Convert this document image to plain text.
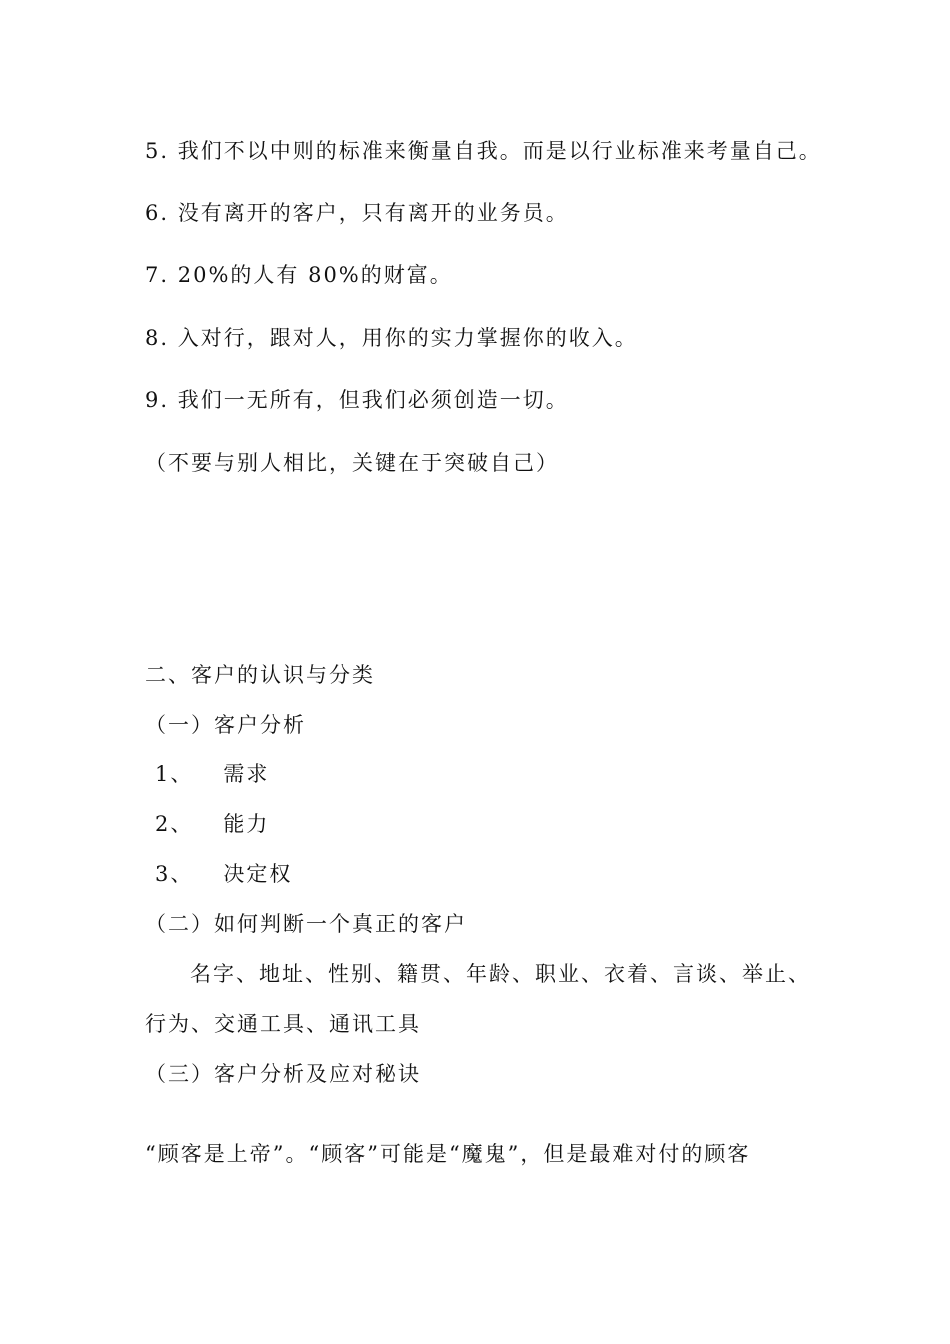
5. 我们不以中则的标准来衡量自我。而是以行业标准来考量自己。
6. 没有离开的客户，只有离开的业务员。
7. 20%的人有 80%的财富。
8. 入对行，跟对人，用你的实力掌握你的收入。
9. 我们一无所有，但我们必须创造一切。
（不要与别人相比，关键在于突破自己）
二、客户的认识与分类
（一）客户分析
1、 需求
2、 能力
3、 决定权
（二）如何判断一个真正的客户
名字、地址、性别、籍贯、年龄、职业、衣着、言谈、举止、
行为、交通工具、通讯工具
（三）客户分析及应对秘诀
“顾客是上帝”。“顾客”可能是“魔鬼”，但是最难对付的顾客
